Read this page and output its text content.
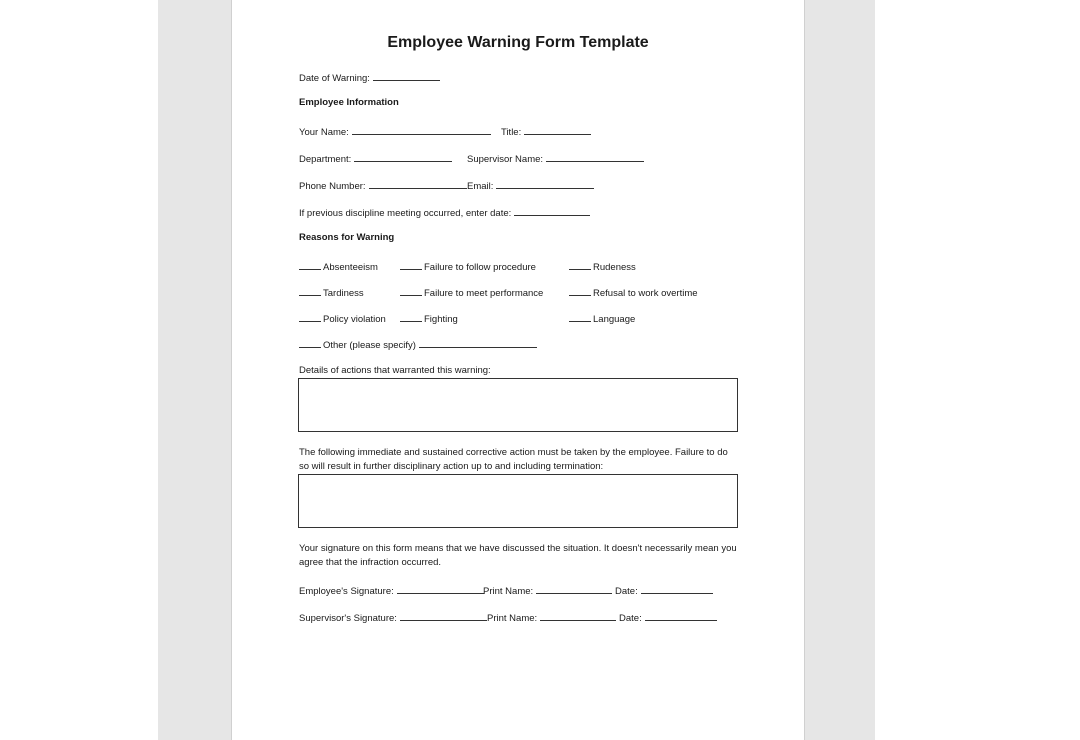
Employee Warning Form Template
Date of Warning:
Employee Information
Your Name:	Title:
Department:	Supervisor Name:
Phone Number:	Email:
If previous discipline meeting occurred, enter date:
Reasons for Warning
Absenteeism	Failure to follow procedure	Rudeness
Tardiness	Failure to meet performance	Refusal to work overtime
Policy violation	Fighting	Language
Other (please specify)
Details of actions that warranted this warning:
The following immediate and sustained corrective action must be taken by the employee. Failure to do so will result in further disciplinary action up to and including termination:
Your signature on this form means that we have discussed the situation. It doesn't necessarily mean you agree that the infraction occurred.
Employee's Signature:	Print Name:	Date:
Supervisor's Signature:	Print Name:	Date:
